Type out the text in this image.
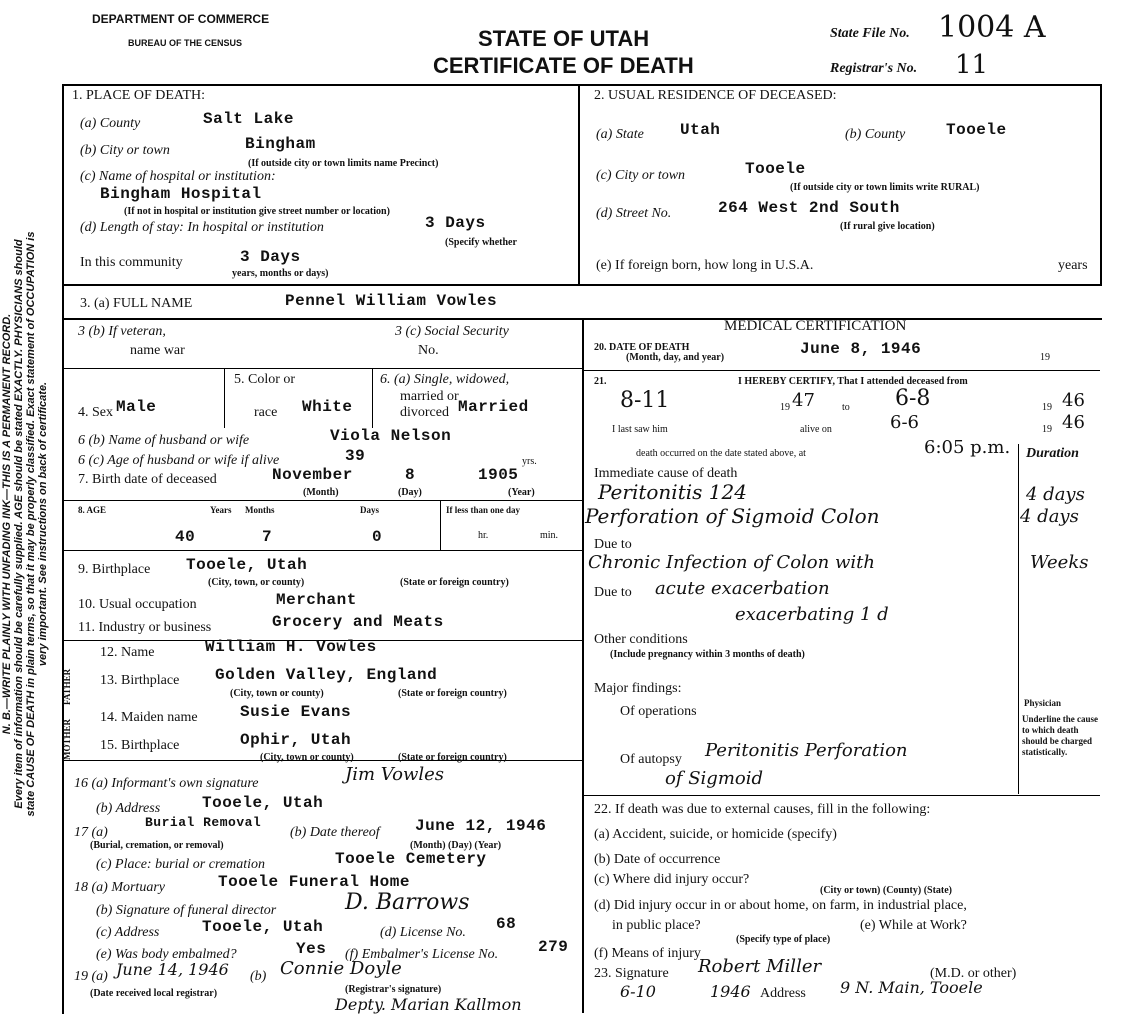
N. B.—WRITE PLAINLY WITH UNFADING INK—THIS IS A PERMANENT RECORD. Every item of information should be carefully supplied. AGE should be stated EXACTLY. PHYSICIANS should state CAUSE OF DEATH in plain terms, so that it may be properly classified. Exact statement of OCCUPATION is very important. See instructions on back of certificate.
DEPARTMENT OF COMMERCE
BUREAU OF THE CENSUS	STATE OF UTAH
CERTIFICATE OF DEATH
State File No. 1004 A
Registrar's No. 11
1. PLACE OF DEATH:
(a) County	Salt Lake
(b) City or town	Bingham
(If outside city or town limits name Precinct)
(c) Name of hospital or institution:
Bingham Hospital
(If not in hospital or institution give street number or location)
(d) Length of stay: In hospital or institution	3 Days
(Specify whether
In this community	3 Days
years, months or days)
2. USUAL RESIDENCE OF DECEASED:
(a) State Utah	(b) County	Tooele
(c) City or town	Tooele
(If outside city or town limits write RURAL)
(d) Street No.	264 West 2nd South
(If rural give location)
(e) If foreign born, how long in U.S.A.	years
3. (a) FULL NAME	Pennel William Vowles
3 (b) If veteran,
name war
3 (c) Social Security
No.
4. Sex Male
5. Color or
race White
6. (a) Single, widowed,
married or
divorced Married
6 (b) Name of husband or wife	Viola Nelson
6 (c) Age of husband or wife if alive	39	yrs.
7. Birth date of deceased	November	8	1905
(Month)	(Day)	(Year)
8. AGE	Years Months	Days
40	7	0
If less than one day
hr.	min.
9. Birthplace Tooele, Utah
(City, town, or county)	(State or foreign country)
10. Usual occupation	Merchant
11. Industry or business	Grocery and Meats
FATHER
MOTHER
12. Name	William H. Vowles
13. Birthplace Golden Valley, England
(City, town or county)	(State or foreign country)
14. Maiden name	Susie Evans
15. Birthplace	Ophir, Utah
(City, town or county)	(State or foreign country)
16 (a) Informant's own signature	Jim Vowles
(b) Address	Tooele, Utah
17 (a)
Burial Removal
(b) Date thereof June 12, 1946
(Burial, cremation, or removal)	(Month) (Day) (Year)
(c) Place: burial or cremation	Tooele Cemetery
18 (a) Mortuary	Tooele Funeral Home
(b) Signature of funeral director	D. Barrows
(c) Address	Tooele, Utah	(d) License No. 68
(e) Was body embalmed?	Yes (f) Embalmer's License No. 279
19 (a) June 14, 1946 (b) Connie Doyle
(Date received local registrar)	(Registrar's signature)
Depty. Marian Kallmon
MEDICAL CERTIFICATION
20. DATE OF DEATH
(Month, day, and year)	June 8, 1946	19
21.	I HEREBY CERTIFY, That I attended deceased from
8-11	19 47	to 6-8	19 46
I last saw him	alive on	6-6	19 46
death occurred on the date stated above, at	6:05 p.m. Duration
Immediate cause of death
Peritonitis 124	4 days
Perforation of Sigmoid Colon	4 days
Due to
Chronic Infection of Colon with	Weeks
Due to acute exacerbation
exacerbating 1 d
Other conditions
(Include pregnancy within 3 months of death)
Major findings:
Of operations
Of autopsy Peritonitis Perforation
of Sigmoid
Physician
Underline the cause to which death should be charged statistically.
22. If death was due to external causes, fill in the following:
(a) Accident, suicide, or homicide (specify)
(b) Date of occurrence
(c) Where did injury occur?
(City or town) (County) (State)
(d) Did injury occur in or about home, on farm, in industrial place,
in public place?
(Specify type of place)
(e) While at Work?
(f) Means of injury
23. Signature Robert Miller	(M.D. or other)
6-10	1946 Address 9 N. Main, Tooele
